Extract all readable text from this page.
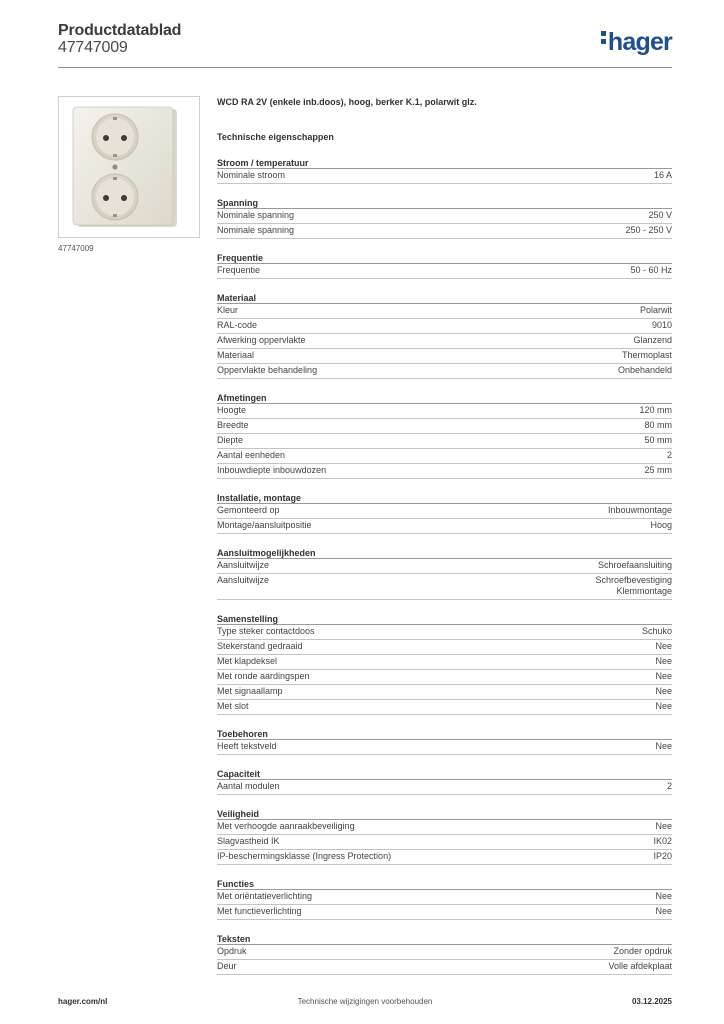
Productdatablad
47747009	hager
47747009
WCD RA 2V (enkele inb.doos), hoog, berker K.1, polarwit glz.
Technische eigenschappen
Stroom / temperatuur
Nominale stroom	16 A
Spanning
Nominale spanning	250 V
Nominale spanning	250 - 250 V
Frequentie
Frequentie	50 - 60 Hz
Materiaal
Kleur	Polarwit
RAL-code	9010
Afwerking oppervlakte	Glanzend
Materiaal	Thermoplast
Oppervlakte behandeling	Onbehandeld
Afmetingen
Hoogte	120 mm
Breedte	80 mm
Diepte	50 mm
Aantal eenheden	2
Inbouwdiepte inbouwdozen	25 mm
Installatie, montage
Gemonteerd op	Inbouwmontage
Montage/aansluitpositie	Hoog
Aansluitmogelijkheden
Aansluitwijze	Schroefaansluiting
Aansluitwijze	Schroefbevestiging
Klemmontage
Samenstelling
Type steker contactdoos	Schuko
Stekerstand gedraaid	Nee
Met klapdeksel	Nee
Met ronde aardingspen	Nee
Met signaallamp	Nee
Met slot	Nee
Toebehoren
Heeft tekstveld	Nee
Capaciteit
Aantal modulen	2
Veiligheid
Met verhoogde aanraakbeveiliging	Nee
Slagvastheid IK	IK02
IP-beschermingsklasse (Ingress Protection)	IP20
Functies
Met oriëntatieverlichting	Nee
Met functieverlichting	Nee
Teksten
Opdruk	Zonder opdruk
Deur	Volle afdekplaat
hager.com/nl	Technische wijzigingen voorbehouden	03.12.2025
